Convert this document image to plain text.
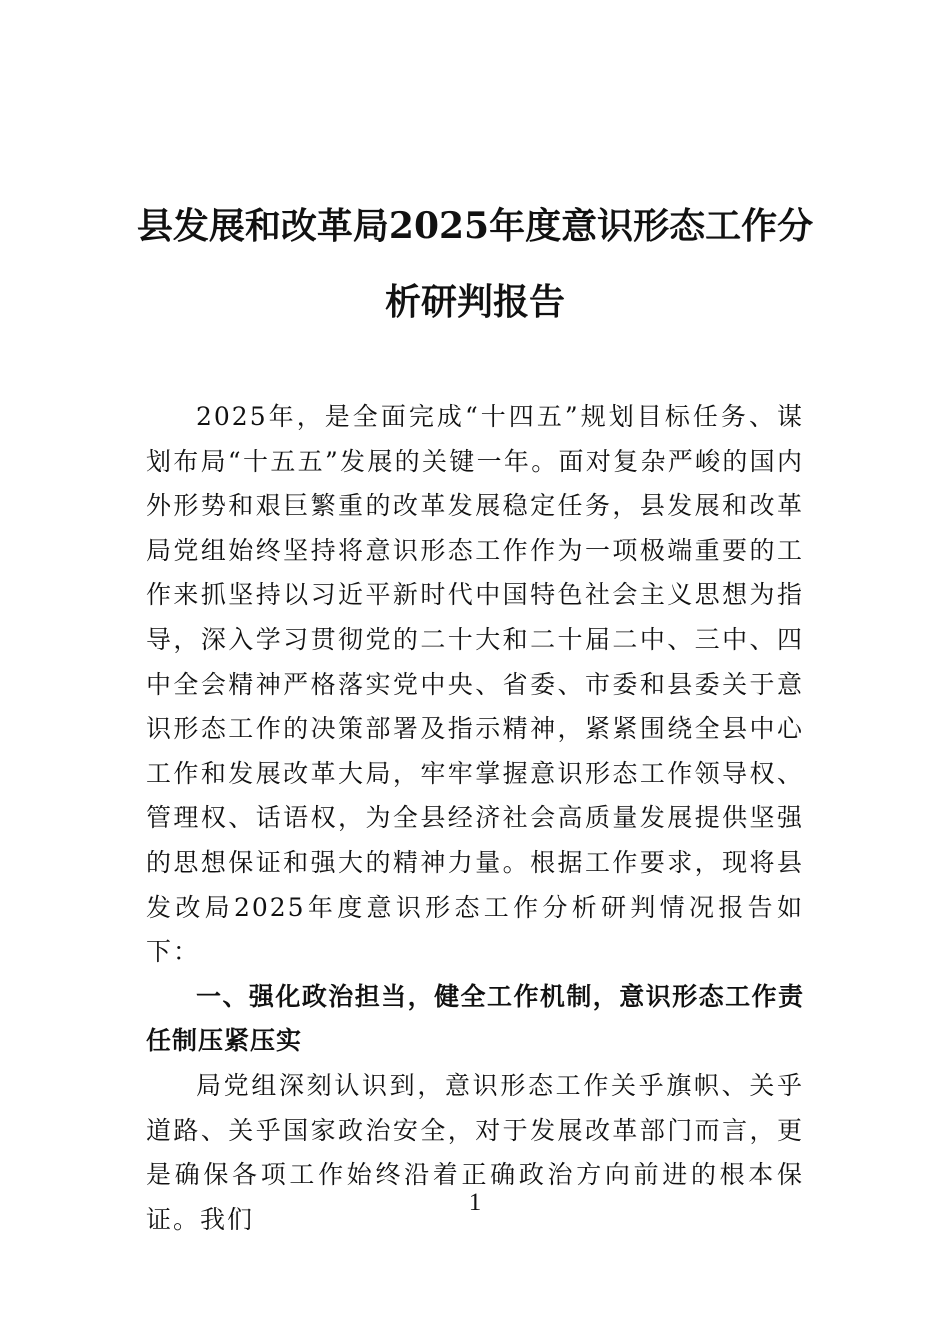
县发展和改革局2025年度意识形态工作分
析研判报告

2025年，是全面完成“十四五”规划目标任务、谋划布局“十五五”发展的关键一年。面对复杂严峻的国内外形势和艰巨繁重的改革发展稳定任务，县发展和改革局党组始终坚持将意识形态工作作为一项极端重要的工作来抓坚持以习近平新时代中国特色社会主义思想为指导，深入学习贯彻党的二十大和二十届二中、三中、四中全会精神严格落实党中央、省委、市委和县委关于意识形态工作的决策部署及指示精神，紧紧围绕全县中心工作和发展改革大局，牢牢掌握意识形态工作领导权、管理权、话语权，为全县经济社会高质量发展提供坚强的思想保证和强大的精神力量。根据工作要求，现将县发改局2025年度意识形态工作分析研判情况报告如下：

一、强化政治担当，健全工作机制，意识形态工作责任制压紧压实

局党组深刻认识到，意识形态工作关乎旗帜、关乎道路、关乎国家政治安全，对于发展改革部门而言，更是确保各项工作始终沿着正确政治方向前进的根本保证。我们

1
